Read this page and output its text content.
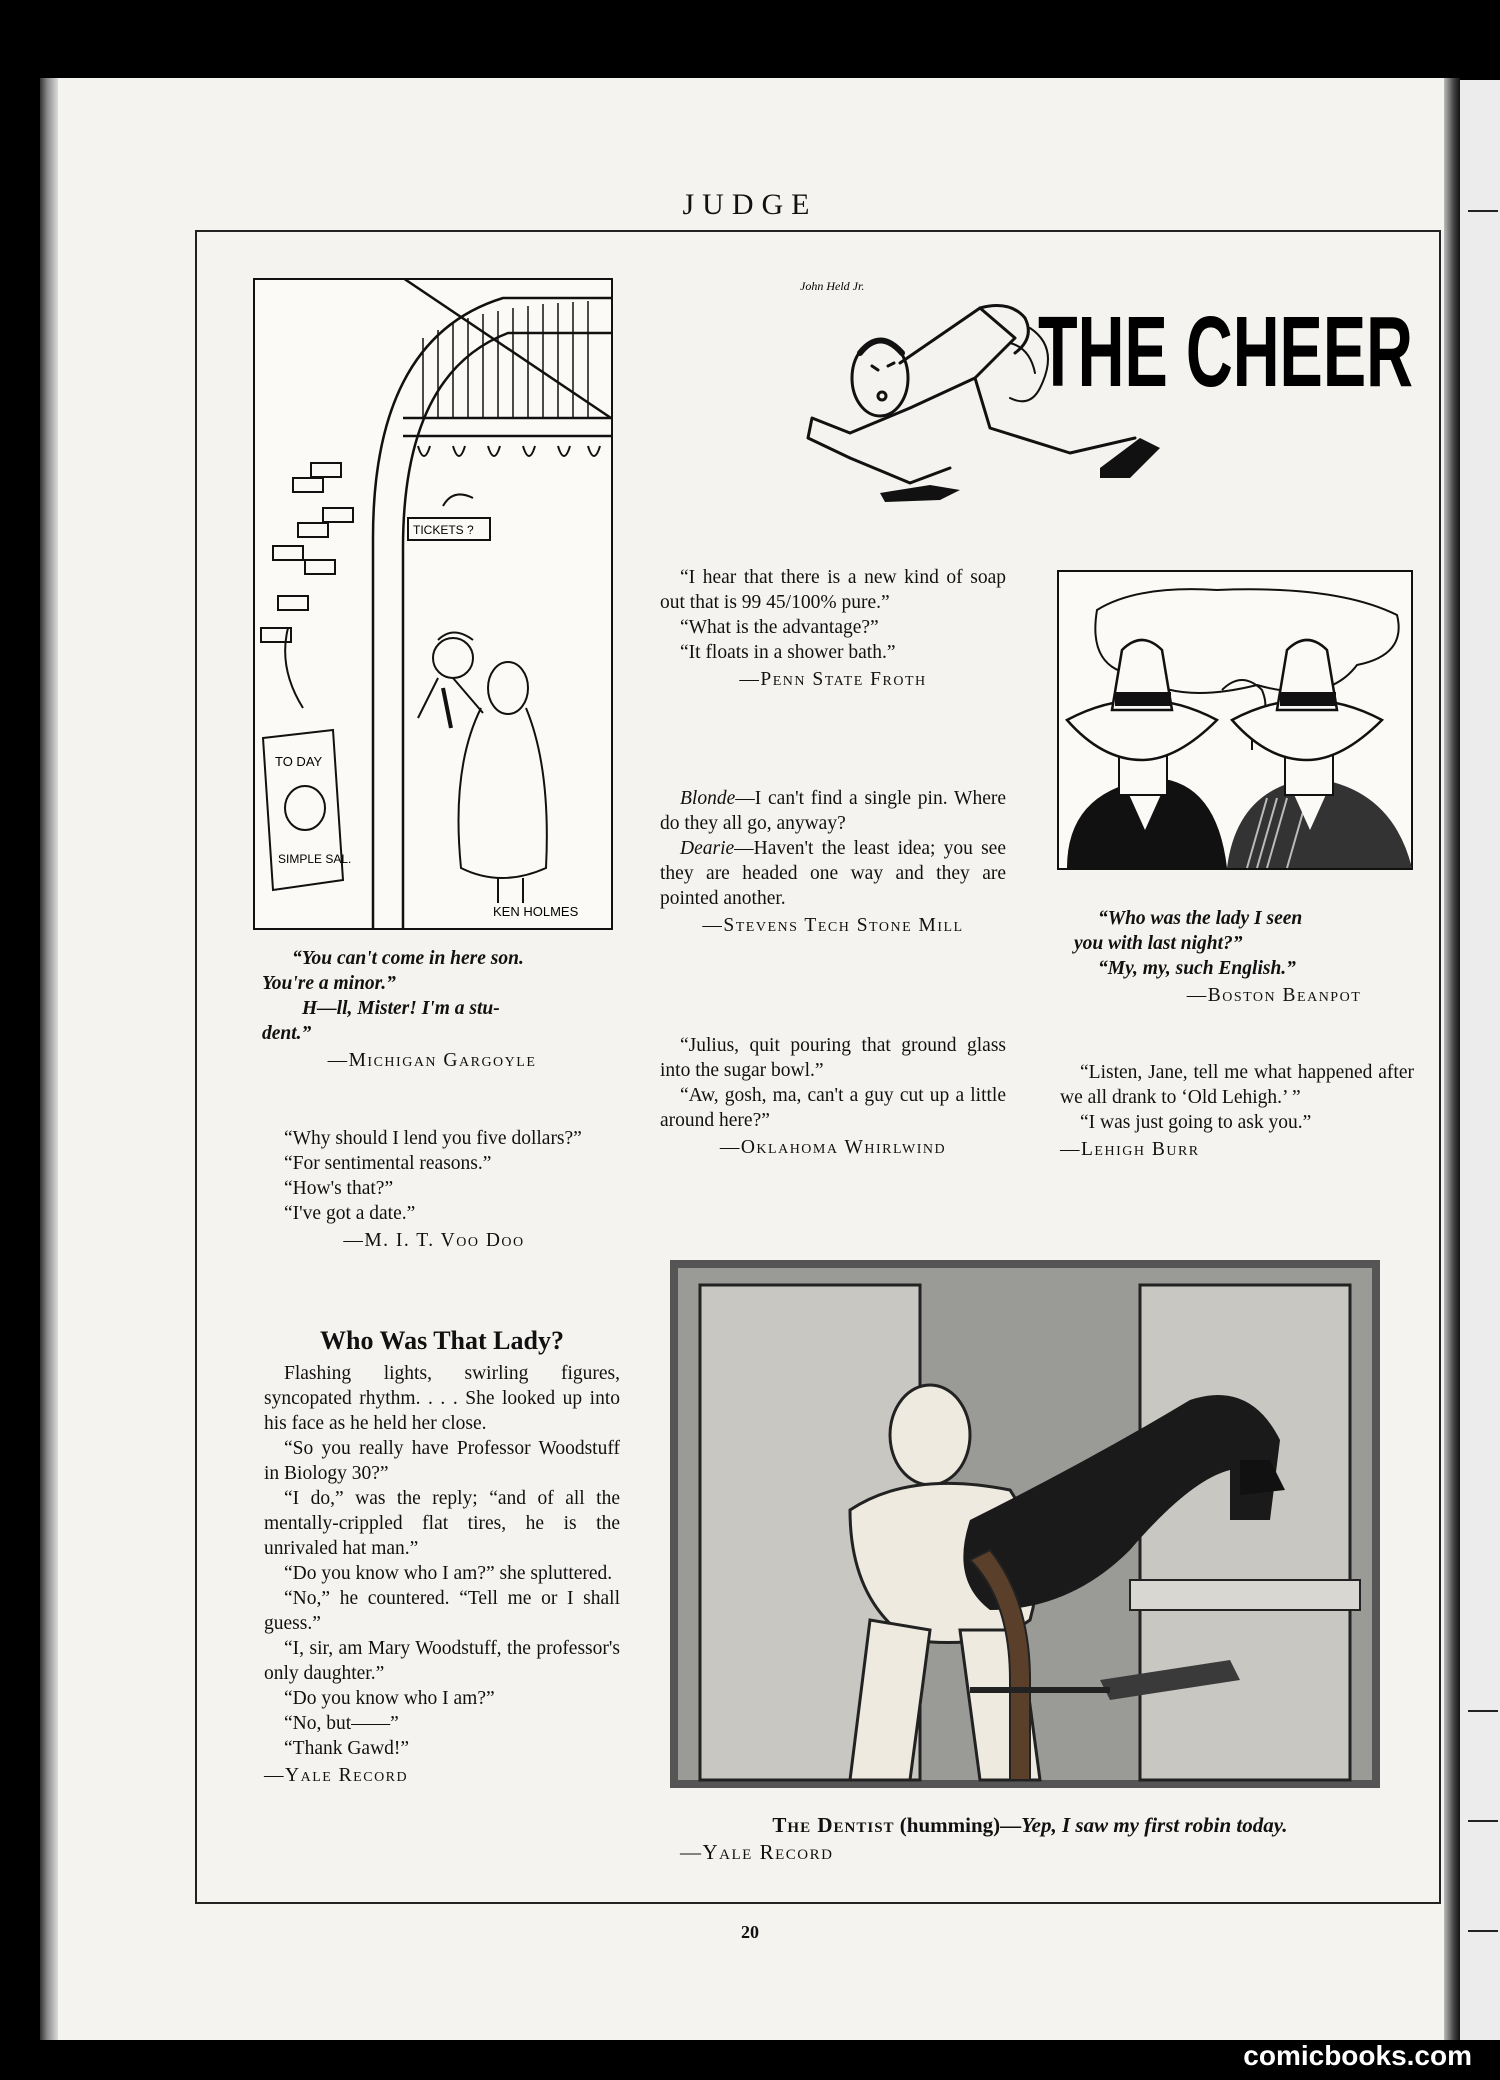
JUDGE
John Held Jr.
THE CHEER
TICKETS ?
TO DAY
SIMPLE SAL.
KEN HOLMES

“You can't come in here son.

You're a minor.”

H—ll, Mister! I'm a stu-

dent.”

—Michigan Gargoyle

“Why should I lend you five dollars?”

“For sentimental reasons.”

“How's that?”

“I've got a date.”

—M. I. T. Voo Doo

Who Was That Lady?

Flashing lights, swirling figures, syncopated rhythm. . . . She looked up into his face as he held her close.

“So you really have Professor Woodstuff in Biology 30?”

“I do,” was the reply; “and of all the mentally-crippled flat tires, he is the unrivaled hat man.”

“Do you know who I am?” she spluttered.

“No,” he countered. “Tell me or I shall guess.”

“I, sir, am Mary Woodstuff, the professor's only daughter.”

“Do you know who I am?”

“No, but——”

“Thank Gawd!”

—Yale Record

“I hear that there is a new kind of soap out that is 99 45/100% pure.”

“What is the advantage?”

“It floats in a shower bath.”

—Penn State Froth

Blonde—I can't find a single pin. Where do they all go, anyway?

Dearie—Haven't the least idea; you see they are headed one way and they are pointed another.

—Stevens Tech Stone Mill

“Julius, quit pouring that ground glass into the sugar bowl.”

“Aw, gosh, ma, can't a guy cut up a little around here?”

—Oklahoma Whirlwind

“Who was the lady I seen

you with last night?”

“My, my, such English.”

—Boston Beanpot

“Listen, Jane, tell me what happened after we all drank to ‘Old Lehigh.’ ”

“I was just going to ask you.”

—Lehigh Burr

The Dentist (humming)—Yep, I saw my first robin today.

—Yale Record

20
comicbooks.com
